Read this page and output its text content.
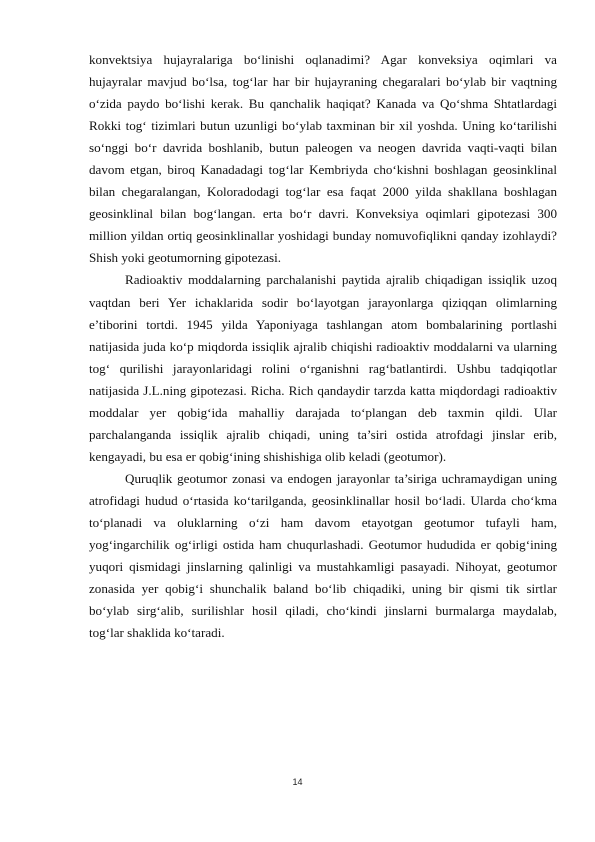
konvektsiya hujayralariga bo‘linishi oqlanadimi? Agar konveksiya oqimlari va hujayralar mavjud bo‘lsa, tog‘lar har bir hujayraning chegaralari bo‘ylab bir vaqtning o‘zida paydo bo‘lishi kerak. Bu qanchalik haqiqat? Kanada va Qo‘shma Shtatlardagi Rokki tog‘ tizimlari butun uzunligi bo‘ylab taxminan bir xil yoshda. Uning ko‘tarilishi so‘nggi bo‘r davrida boshlanib, butun paleogen va neogen davrida vaqti-vaqti bilan davom etgan, biroq Kanadadagi tog‘lar Kembriyda cho‘kishni boshlagan geosinklinal bilan chegaralangan, Koloradodagi tog‘lar esa faqat 2000 yilda shakllana boshlagan geosinklinal bilan bog‘langan. erta bo‘r davri. Konveksiya oqimlari gipotezasi 300 million yildan ortiq geosinklinallar yoshidagi bunday nomuvofiqlikni qanday izohlaydi? Shish yoki geotumorning gipotezasi.

Radioaktiv moddalarning parchalanishi paytida ajralib chiqadigan issiqlik uzoq vaqtdan beri Yer ichaklarida sodir bo‘layotgan jarayonlarga qiziqqan olimlarning e’tiborini tortdi. 1945 yilda Yaponiyaga tashlangan atom bombalarining portlashi natijasida juda ko‘p miqdorda issiqlik ajralib chiqishi radioaktiv moddalarni va ularning tog‘ qurilishi jarayonlaridagi rolini o‘rganishni rag‘batlantirdi. Ushbu tadqiqotlar natijasida J.L.ning gipotezasi. Richa. Rich qandaydir tarzda katta miqdordagi radioaktiv moddalar yer qobig‘ida mahalliy darajada to‘plangan deb taxmin qildi. Ular parchalanganda issiqlik ajralib chiqadi, uning ta’siri ostida atrofdagi jinslar erib, kengayadi, bu esa er qobig‘ining shishishiga olib keladi (geotumor).

Quruqlik geotumor zonasi va endogen jarayonlar ta’siriga uchramaydigan uning atrofidagi hudud o‘rtasida ko‘tarilganda, geosinklinallar hosil bo‘ladi. Ularda cho‘kma to‘planadi va oluklarning o‘zi ham davom etayotgan geotumor tufayli ham, yog‘ingarchilik og‘irligi ostida ham chuqurlashadi. Geotumor hududida er qobig‘ining yuqori qismidagi jinslarning qalinligi va mustahkamligi pasayadi. Nihoyat, geotumor zonasida yer qobig‘i shunchalik baland bo‘lib chiqadiki, uning bir qismi tik sirtlar bo‘ylab sirg‘alib, surilishlar hosil qiladi, cho‘kindi jinslarni burmalarga maydalab, tog‘lar shaklida ko‘taradi.

14
